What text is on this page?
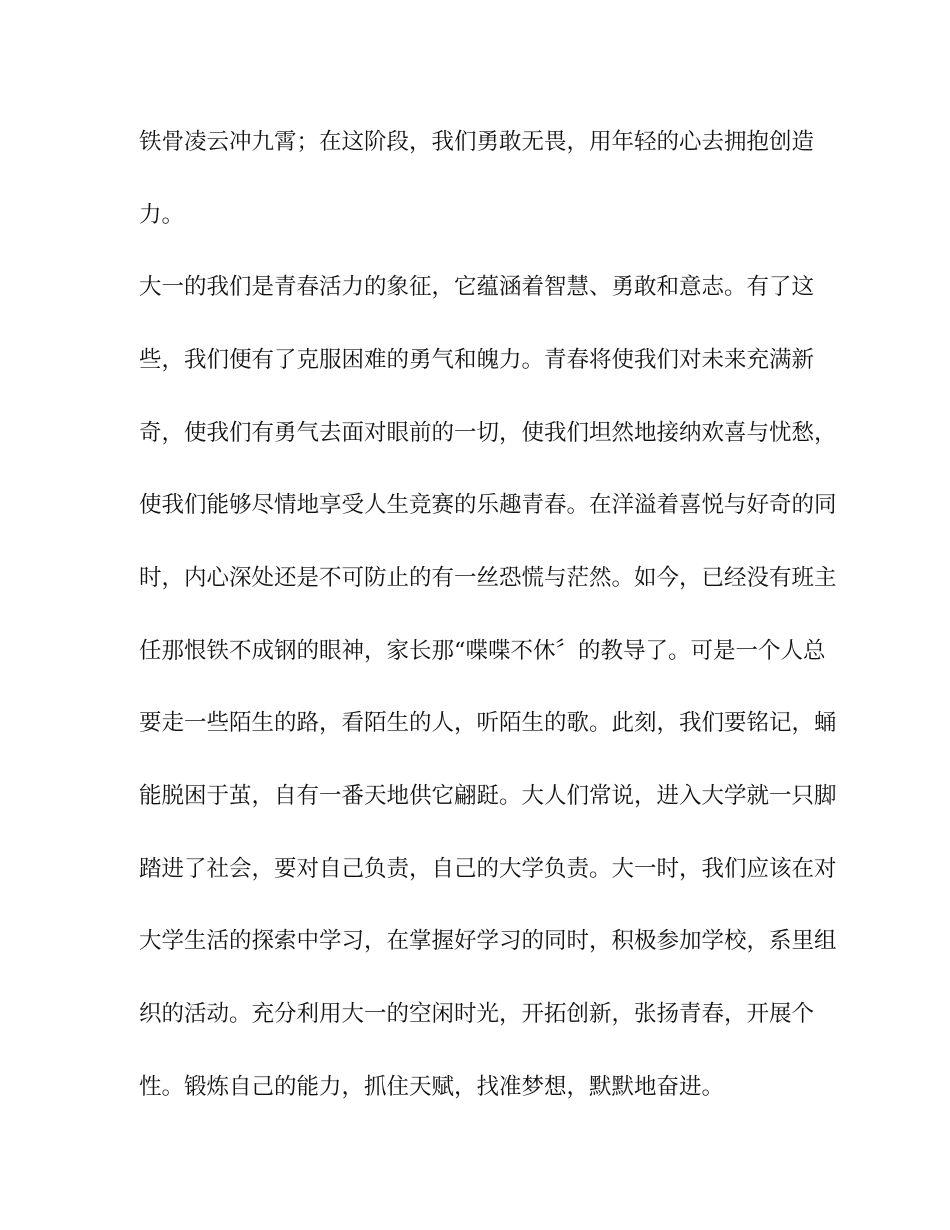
铁骨凌云冲九霄；在这阶段，我们勇敢无畏，用年轻的心去拥抱创造
力。
大一的我们是青春活力的象征，它蕴涵着智慧、勇敢和意志。有了这
些，我们便有了克服困难的勇气和魄力。青春将使我们对未来充满新
奇，使我们有勇气去面对眼前的一切，使我们坦然地接纳欢喜与忧愁，
使我们能够尽情地享受人生竞赛的乐趣青春。在洋溢着喜悦与好奇的同
时，内心深处还是不可防止的有一丝恐慌与茫然。如今，已经没有班主
任那恨铁不成钢的眼神，家长那“喋喋不休〞的教导了。可是一个人总
要走一些陌生的路，看陌生的人，听陌生的歌。此刻，我们要铭记，蛹
能脱困于茧，自有一番天地供它翩跹。大人们常说，进入大学就一只脚
踏进了社会，要对自己负责，自己的大学负责。大一时，我们应该在对
大学生活的探索中学习，在掌握好学习的同时，积极参加学校，系里组
织的活动。充分利用大一的空闲时光，开拓创新，张扬青春，开展个
性。锻炼自己的能力，抓住天赋，找准梦想，默默地奋进。
